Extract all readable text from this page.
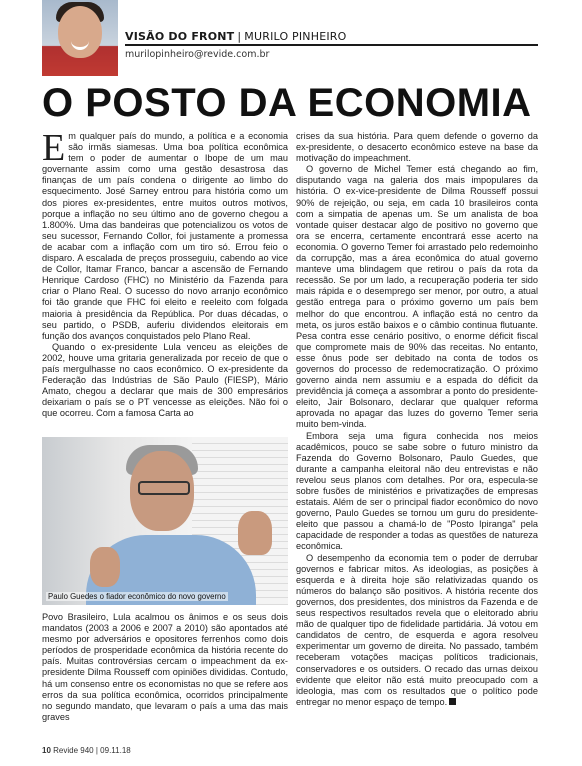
VISÃO DO FRONT | MURILO PINHEIRO
murilopinheiro@revide.com.br
O POSTO DA ECONOMIA

Em qualquer país do mundo, a política e a economia são irmãs siamesas. Uma boa política econômica tem o poder de aumentar o Ibope de um mau governante assim como uma gestão desastrosa das finanças de um país condena o dirigente ao limbo do esquecimento. José Sarney entrou para história como um dos piores ex-presidentes, entre muitos outros motivos, porque a inflação no seu último ano de governo chegou a 1.800%. Uma das bandeiras que potencializou os votos de seu sucessor, Fernando Collor, foi justamente a promessa de acabar com a inflação com um tiro só. Errou feio o disparo. A escalada de preços prosseguiu, cabendo ao vice de Collor, Itamar Franco, bancar a ascensão de Fernando Henrique Cardoso (FHC) no Ministério da Fazenda para criar o Plano Real. O sucesso do novo arranjo econômico foi tão grande que FHC foi eleito e reeleito com folgada maioria à presidência da República. Por duas décadas, o seu partido, o PSDB, auferiu dividendos eleitorais em função dos avanços conquistados pelo Plano Real.

Quando o ex-presidente Lula venceu as eleições de 2002, houve uma gritaria generalizada por receio de que o país mergulhasse no caos econômico. O ex-presidente da Federação das Indústrias de São Paulo (FIESP), Mário Amato, chegou a declarar que mais de 300 empresários deixariam o país se o PT vencesse as eleições. Não foi o que ocorreu. Com a famosa Carta ao

Paulo Guedes o fiador econômico do novo governo

Povo Brasileiro, Lula acalmou os ânimos e os seus dois mandatos (2003 a 2006 e 2007 a 2010) são apontados até mesmo por adversários e opositores ferrenhos como dois períodos de prosperidade econômica da história recente do país. Muitas controvérsias cercam o impeachment da ex-presidente Dilma Rousseff com opiniões divididas. Contudo, há um consenso entre os economistas no que se refere aos erros da sua política econômica, ocorridos principalmente no segundo mandato, que levaram o país a uma das mais graves

crises da sua história. Para quem defende o governo da ex-presidente, o desacerto econômico esteve na base da motivação do impeachment.

O governo de Michel Temer está chegando ao fim, disputando vaga na galeria dos mais impopulares da história. O ex-vice-presidente de Dilma Rousseff possui 90% de rejeição, ou seja, em cada 10 brasileiros conta com a simpatia de apenas um. Se um analista de boa vontade quiser destacar algo de positivo no governo que ora se encerra, certamente encontrará esse acerto na economia. O governo Temer foi arrastado pelo redemoinho da corrupção, mas a área econômica do atual governo manteve uma blindagem que retirou o país da rota da recessão. Se por um lado, a recuperação poderia ter sido mais rápida e o desemprego ser menor, por outro, a atual gestão entrega para o próximo governo um país bem melhor do que encontrou. A inflação está no centro da meta, os juros estão baixos e o câmbio continua flutuante. Pesa contra esse cenário positivo, o enorme déficit fiscal que compromete mais de 90% das receitas. No entanto, esse ônus pode ser debitado na conta de todos os governos do processo de redemocratização. O próximo governo ainda nem assumiu e a espada do déficit da previdência já começa a assombrar a ponto do presidente-eleito, Jair Bolsonaro, declarar que qualquer reforma aprovada no apagar das luzes do governo Temer seria muito bem-vinda.

Embora seja uma figura conhecida nos meios acadêmicos, pouco se sabe sobre o futuro ministro da Fazenda do Governo Bolsonaro, Paulo Guedes, que durante a campanha eleitoral não deu entrevistas e não revelou seus planos com detalhes. Por ora, especula-se sobre fusões de ministérios e privatizações de empresas estatais. Além de ser o principal fiador econômico do novo governo, Paulo Guedes se tornou um guru do presidente-eleito que passou a chamá-lo de "Posto Ipiranga" pela capacidade de responder a todas as questões de natureza econômica.

O desempenho da economia tem o poder de derrubar governos e fabricar mitos. As ideologias, as posições à esquerda e à direita hoje são relativizadas quando os números do balanço são positivos. A história recente dos governos, dos presidentes, dos ministros da Fazenda e de seus respectivos resultados revela que o eleitorado abriu mão de qualquer tipo de fidelidade partidária. Já votou em candidatos de centro, de esquerda e agora resolveu experimentar um governo de direita. No passado, também receberam votações maciças políticos tradicionais, conservadores e os outsiders. O recado das urnas deixou evidente que eleitor não está muito preocupado com a ideologia, mas com os resultados que o político pode entregar no menor espaço de tempo.

10 Revide 940 | 09.11.18
